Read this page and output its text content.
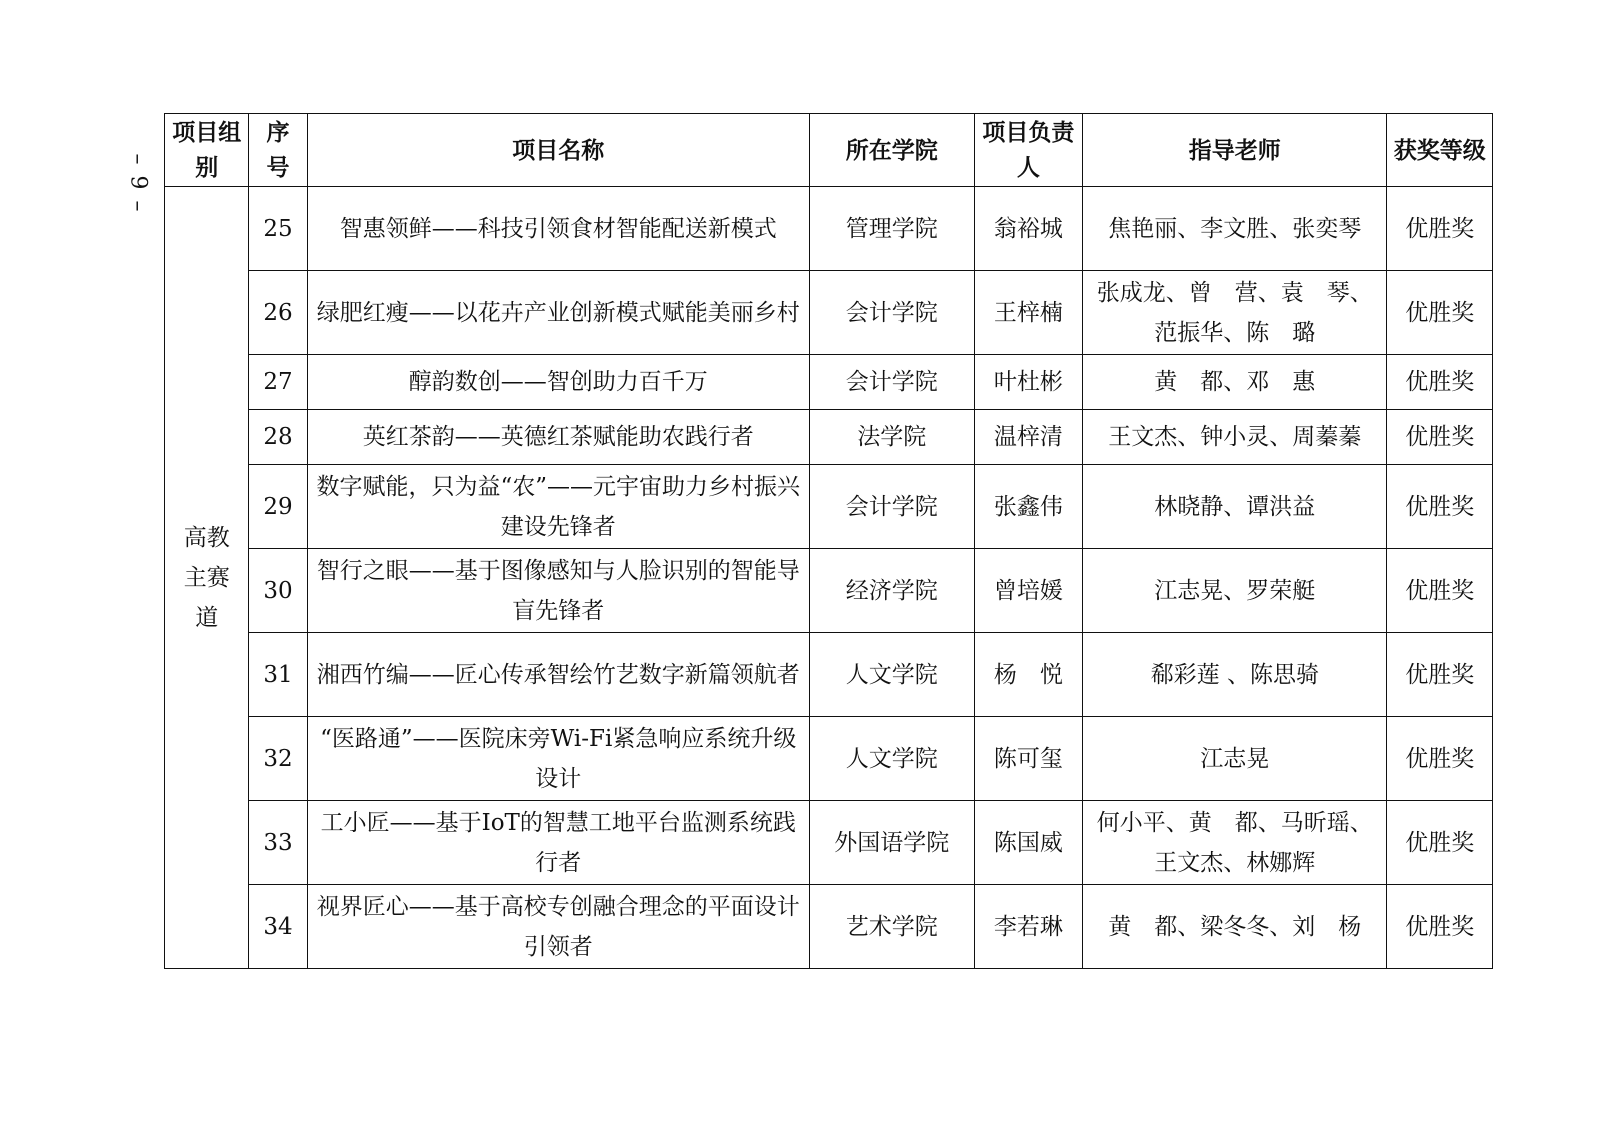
– 9 –
项目组别	序号	项目名称	所在学院	项目负责人	指导老师	获奖等级

高教主赛道	25	智惠领鲜——科技引领食材智能配送新模式	管理学院	翁裕城	焦艳丽、李文胜、张奕琴	优胜奖
	26	绿肥红瘦——以花卉产业创新模式赋能美丽乡村	会计学院	王梓楠	张成龙、曾　营、袁　琴、范振华、陈　璐	优胜奖
	27	醇韵数创——智创助力百千万	会计学院	叶杜彬	黄　都、邓　惠	优胜奖
	28	英红茶韵——英德红茶赋能助农践行者	法学院	温梓清	王文杰、钟小灵、周蓁蓁	优胜奖
	29	数字赋能，只为益“农”——元宇宙助力乡村振兴建设先锋者	会计学院	张鑫伟	林晓静、谭洪益	优胜奖
	30	智行之眼——基于图像感知与人脸识别的智能导盲先锋者	经济学院	曾培媛	江志晃、罗荣艇	优胜奖
	31	湘西竹编——匠心传承智绘竹艺数字新篇领航者	人文学院	杨　悦	郗彩莲 、陈思骑	优胜奖
	32	“医路通”——医院床旁Wi-Fi紧急响应系统升级设计	人文学院	陈可玺	江志晃	优胜奖
	33	工小匠——基于IoT的智慧工地平台监测系统践行者	外国语学院	陈国威	何小平、黄　都、马昕瑶、王文杰、林娜辉	优胜奖
	34	视界匠心——基于高校专创融合理念的平面设计引领者	艺术学院	李若琳	黄　都、梁冬冬、刘　杨	优胜奖
